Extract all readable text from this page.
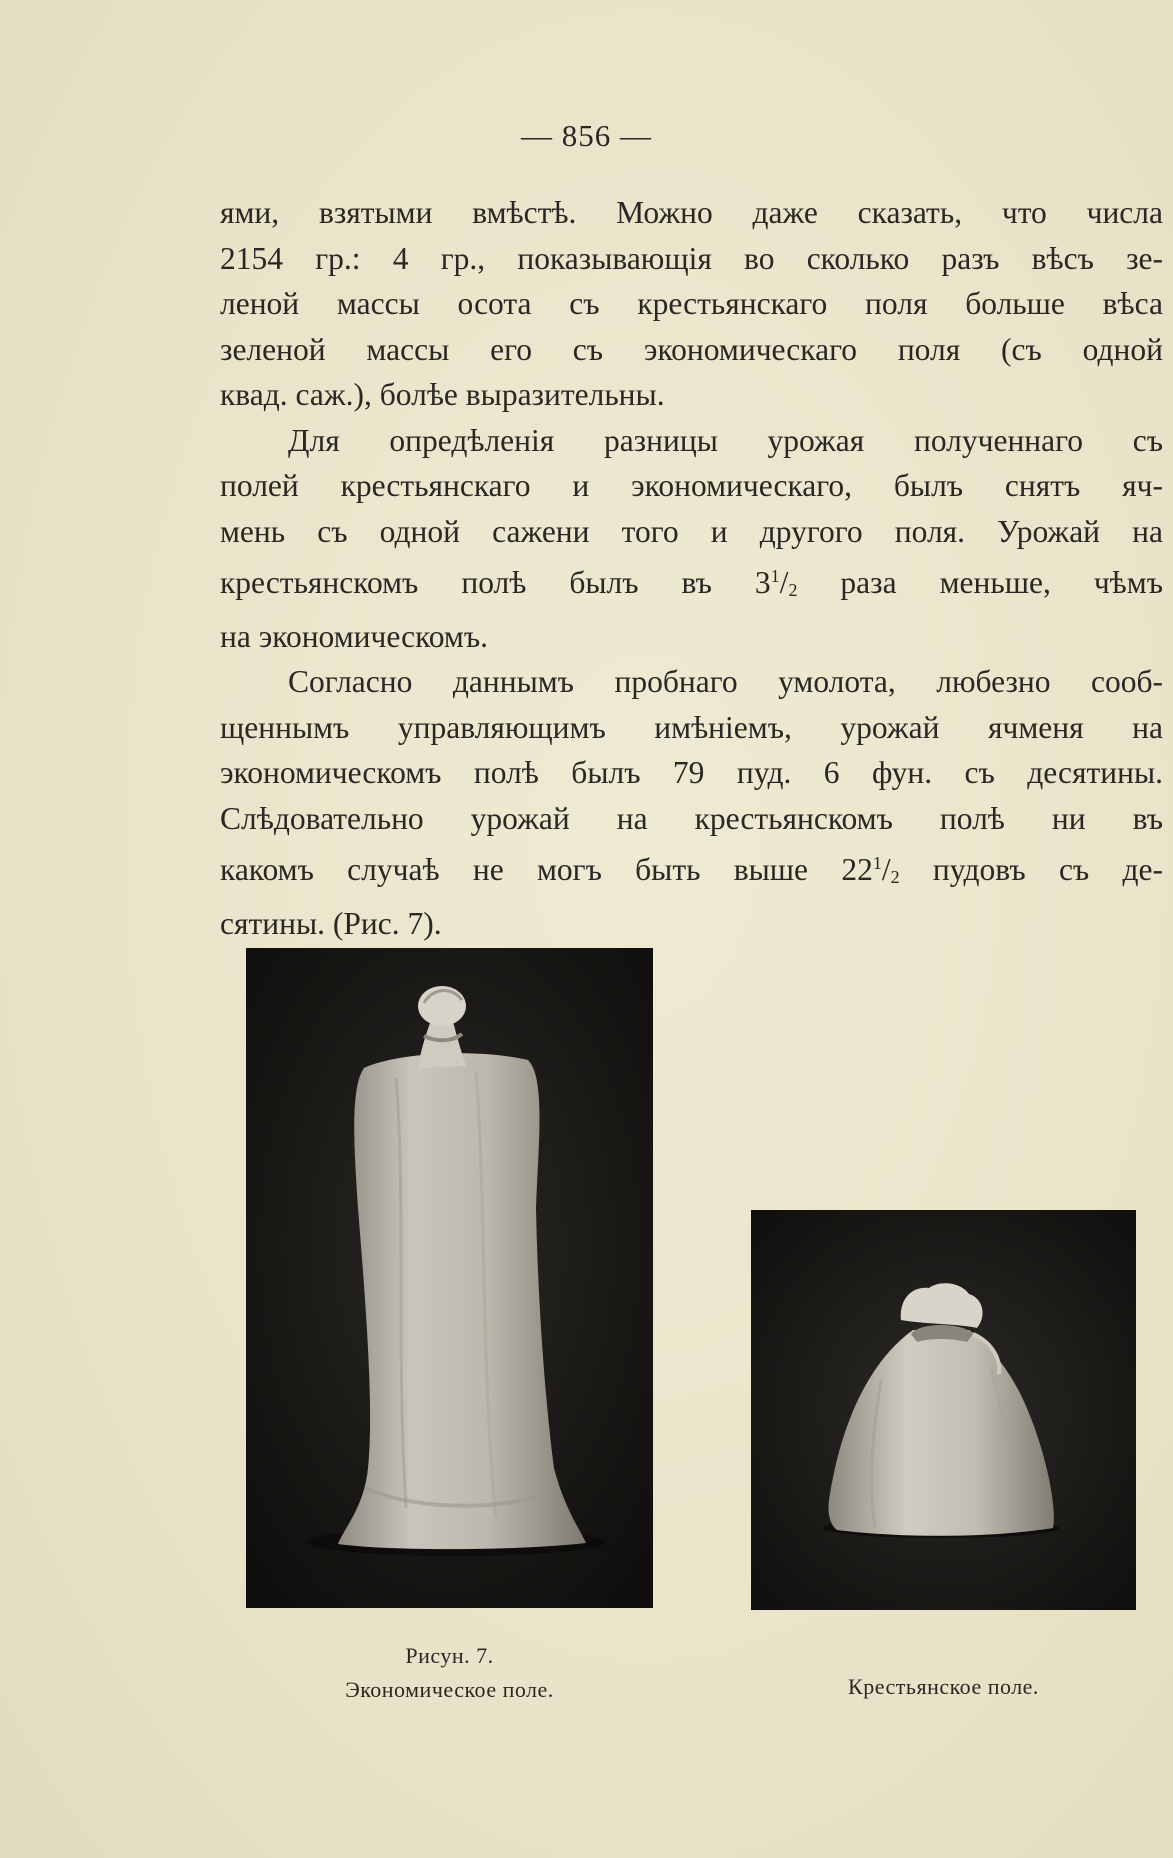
— 856 —
ями, взятыми вмѣстѣ. Можно даже сказать, что числа
2154 гр.: 4 гр., показывающія во сколько разъ вѣсъ зе-
леной массы осота съ крестьянскаго поля больше вѣса
зеленой массы его съ экономическаго поля (съ одной
квад. саж.), болѣе выразительны.
Для опредѣленія разницы урожая полученнаго съ
полей крестьянскаго и экономическаго, былъ снятъ яч-
мень съ одной сажени того и другого поля. Урожай на
крестьянскомъ полѣ былъ въ $3^1/_2$ раза меньше, чѣмъ
на экономическомъ.
Согласно даннымъ пробнаго умолота, любезно сооб-
щеннымъ управляющимъ имѣніемъ, урожай ячменя на
экономическомъ полѣ былъ 79 пуд. 6 фун. съ десятины.
Слѣдовательно урожай на крестьянскомъ полѣ ни въ
какомъ случаѣ не могъ быть выше $22^1/_2$ пудовъ съ де-
сятины. (Рис. 7).
Рисун. 7.
Экономическое поле.	Крестьянское поле.
